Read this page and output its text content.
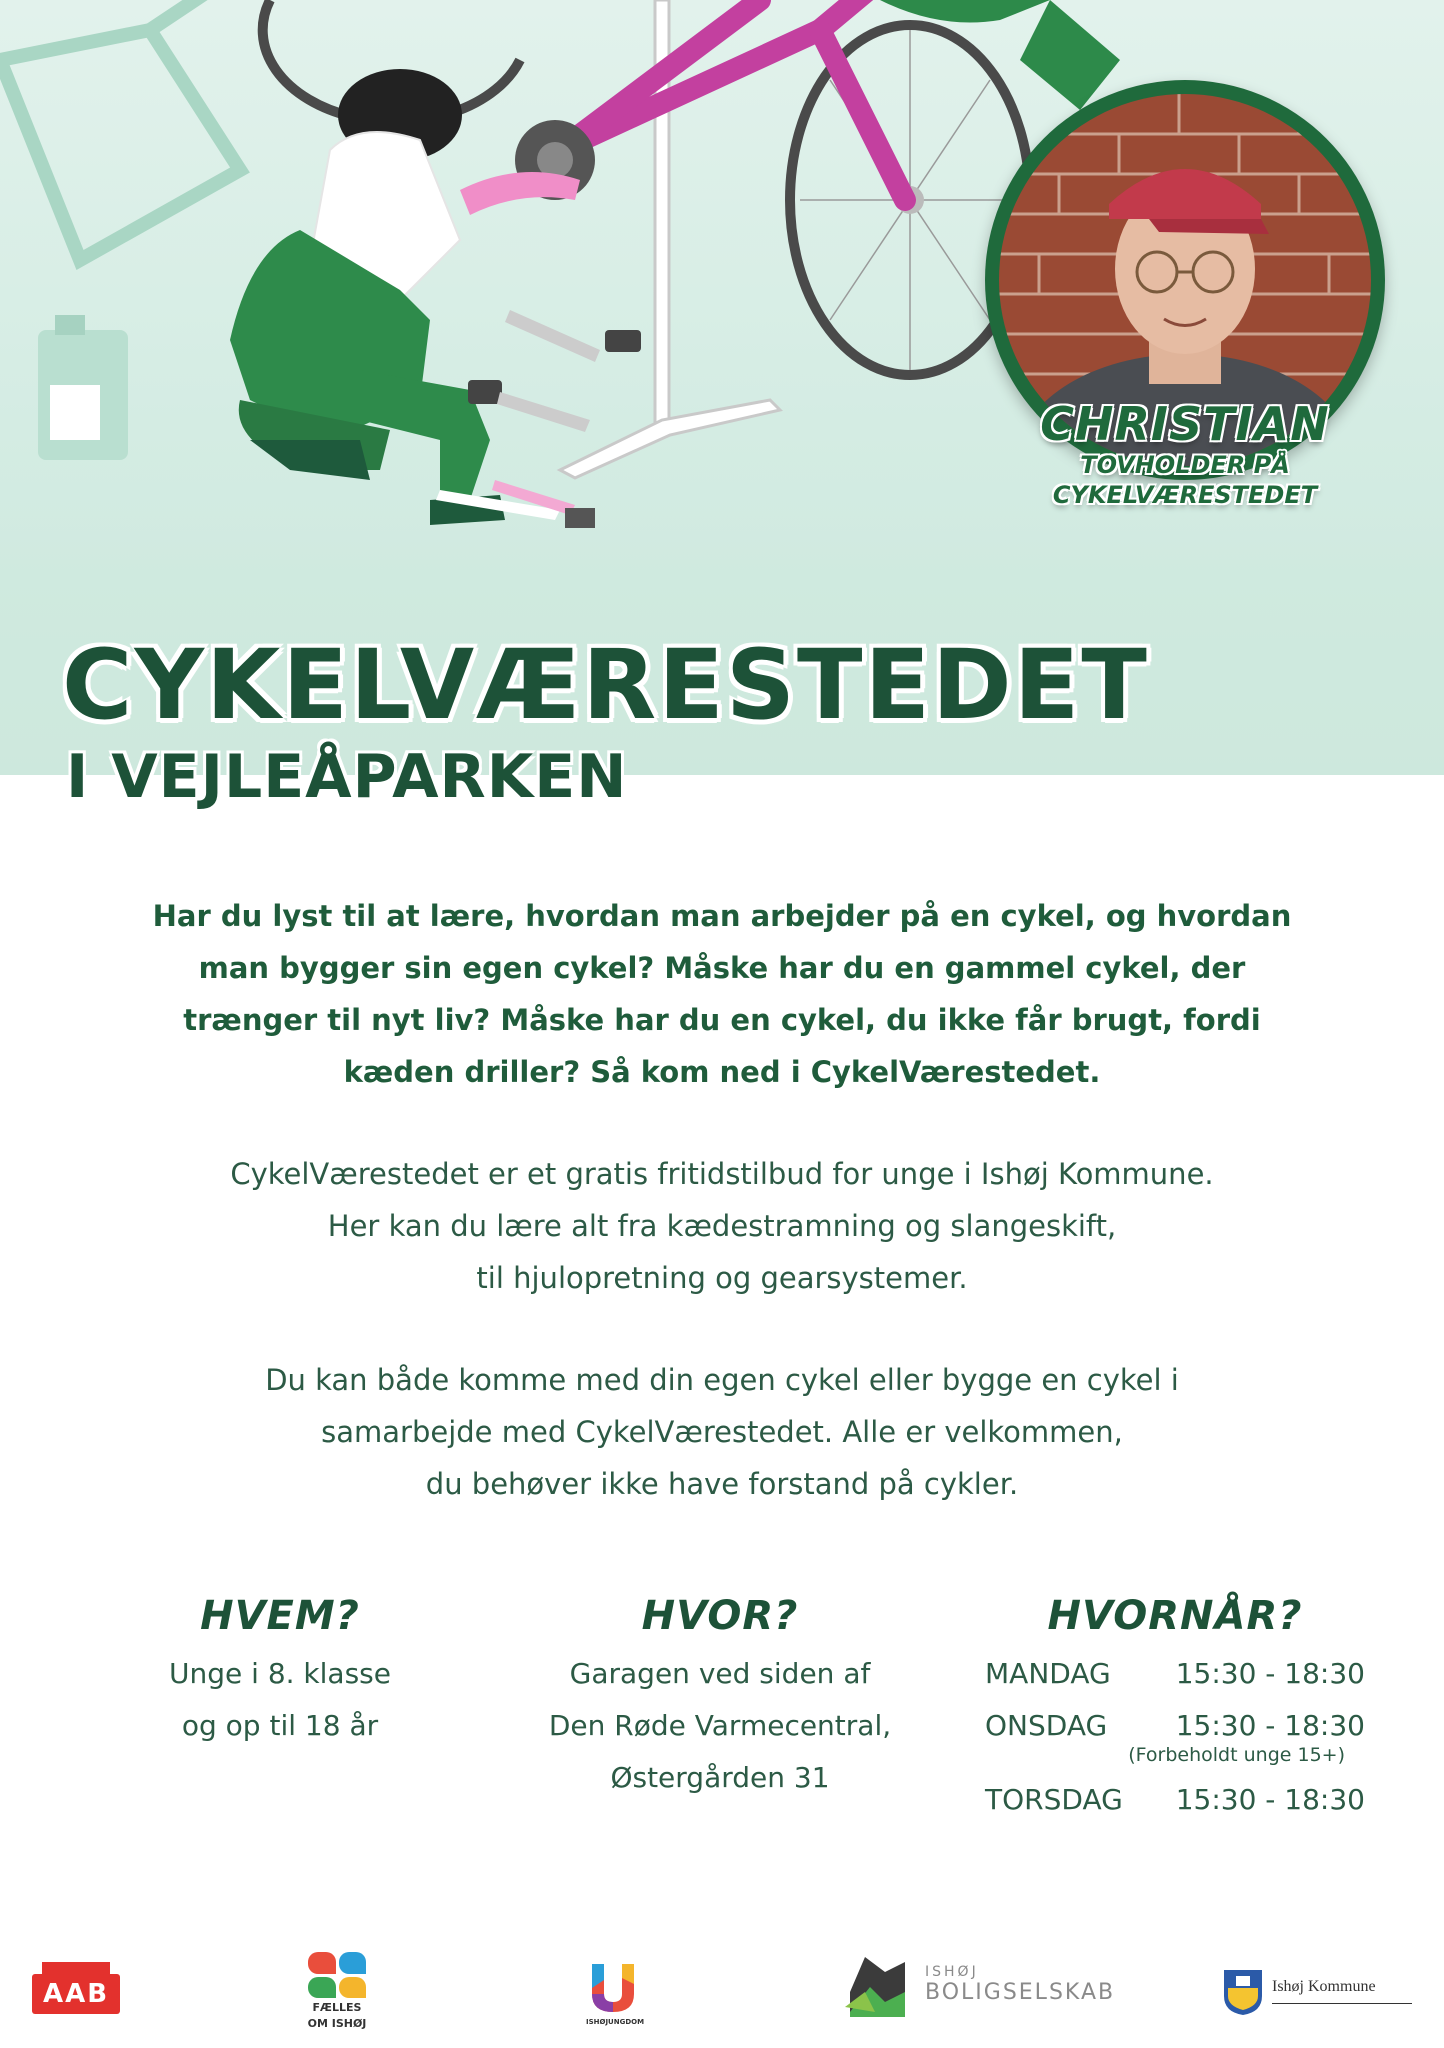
CHRISTIAN
TOVHOLDER PÅ
CYKELVÆRESTEDET
CYKELVÆRESTEDET
I VEJLEÅPARKEN

Har du lyst til at lære, hvordan man arbejder på en cykel, og hvordan

man bygger sin egen cykel? Måske har du en gammel cykel, der

trænger til nyt liv? Måske har du en cykel, du ikke får brugt, fordi

kæden driller? Så kom ned i CykelVærestedet.

CykelVærestedet er et gratis fritidstilbud for unge i Ishøj Kommune.

Her kan du lære alt fra kædestramning og slangeskift,

til hjulopretning og gearsystemer.

Du kan både komme med din egen cykel eller bygge en cykel i

samarbejde med CykelVærestedet. Alle er velkommen,

du behøver ikke have forstand på cykler.

HVEM?
Unge i 8. klasse
og op til 18 år
HVOR?
Garagen ved siden af
Den Røde Varmecentral,
Østergården 31
HVORNÅR?
MANDAG 15:30 - 18:30
ONSDAG 15:30 - 18:30
(Forbeholdt unge 15+)
TORSDAG 15:30 - 18:30
AAB	FÆLLES
OM ISHØJ	ISHØJUNGDOM
ISHØJ
BOLIGSELSKAB	Ishøj Kommune
